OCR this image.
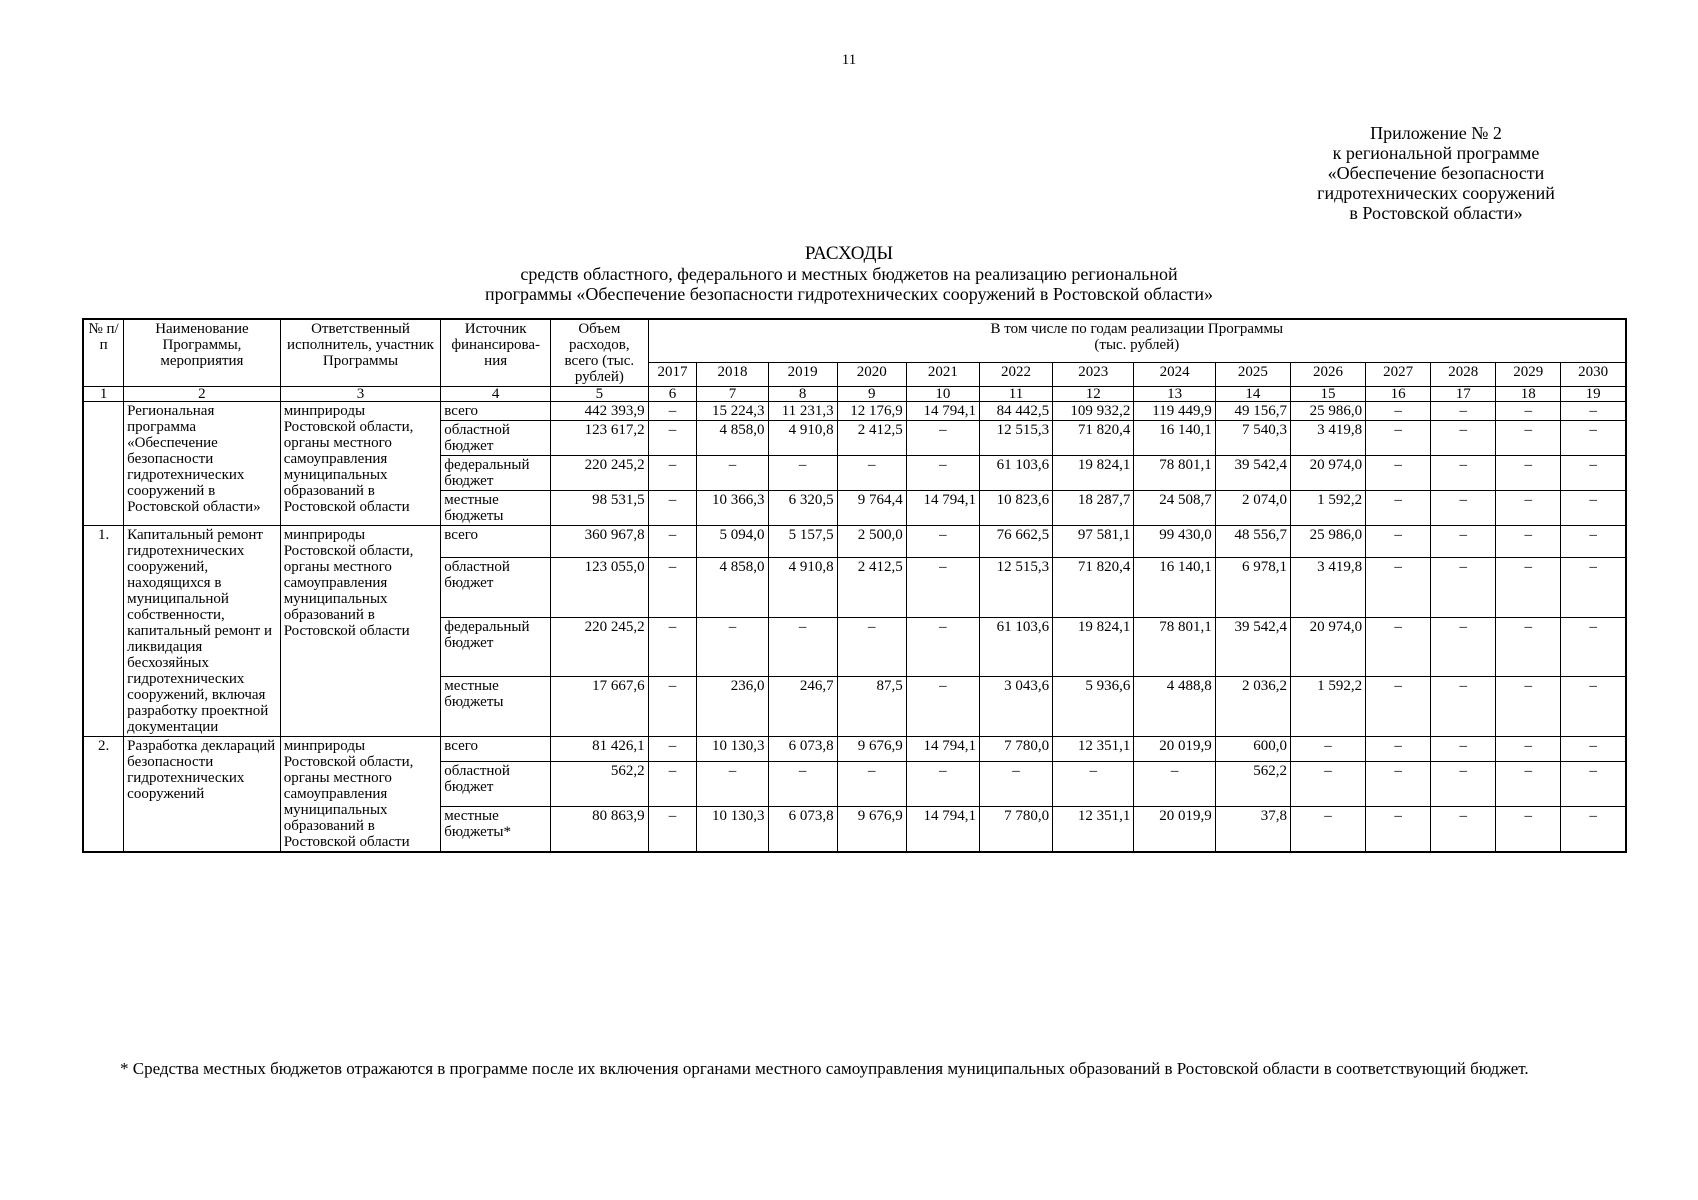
11
Приложение № 2
к региональной программе
«Обеспечение безопасности
гидротехнических сооружений
в Ростовской области»
РАСХОДЫ
средств областного, федерального и местных бюджетов на реализацию региональной
программы «Обеспечение безопасности гидротехнических сооружений в Ростовской области»
№ п/п	Наименование Программы, мероприятия	Ответственный исполнитель, участник Программы	Источник финансирова-ния	Объем расходов, всего (тыс. рублей)	В том числе по годам реализации Программы
(тыс. рублей)													

					2017	2018	2019	2020	2021	2022	2023	2024	2025	2026	2027	2028	2029	2030
1	2	3	4	5	6	7	8	9	10	11	12	13	14	15	16	17	18	19
	Региональная программа «Обеспечение безопасности гидротехнических сооружений в Ростовской области»	минприроды Ростовской области, органы местного самоуправления муниципальных образований в Ростовской области	всего	442 393,9	–	15 224,3	11 231,3	12 176,9	14 794,1	84 442,5	109 932,2	119 449,9	49 156,7	25 986,0	–	–	–	–
			областной бюджет	123 617,2	–	4 858,0	4 910,8	2 412,5	–	12 515,3	71 820,4	16 140,1	7 540,3	3 419,8	–	–	–	–
			федеральный бюджет	220 245,2	–	–	–	–	–	61 103,6	19 824,1	78 801,1	39 542,4	20 974,0	–	–	–	–
			местные бюджеты	98 531,5	–	10 366,3	6 320,5	9 764,4	14 794,1	10 823,6	18 287,7	24 508,7	2 074,0	1 592,2	–	–	–	–
1.	Капитальный ремонт гидротехнических сооружений, находящихся в муниципальной собственности, капитальный ремонт и ликвидация бесхозяйных гидротехнических сооружений, включая разработку проектной документации	минприроды Ростовской области, органы местного самоуправления муниципальных образований в Ростовской области	всего	360 967,8	–	5 094,0	5 157,5	2 500,0	–	76 662,5	97 581,1	99 430,0	48 556,7	25 986,0	–	–	–	–
			областной бюджет	123 055,0	–	4 858,0	4 910,8	2 412,5	–	12 515,3	71 820,4	16 140,1	6 978,1	3 419,8	–	–	–	–
			федеральный бюджет	220 245,2	–	–	–	–	–	61 103,6	19 824,1	78 801,1	39 542,4	20 974,0	–	–	–	–
			местные бюджеты	17 667,6	–	236,0	246,7	87,5	–	3 043,6	5 936,6	4 488,8	2 036,2	1 592,2	–	–	–	–
2.	Разработка деклараций безопасности гидротехнических сооружений	минприроды Ростовской области, органы местного самоуправления муниципальных образований в Ростовской области	всего	81 426,1	–	10 130,3	6 073,8	9 676,9	14 794,1	7 780,0	12 351,1	20 019,9	600,0	–	–	–	–	–
			областной бюджет	562,2	–	–	–	–	–	–	–	–	562,2	–	–	–	–	–
			местные бюджеты*	80 863,9	–	10 130,3	6 073,8	9 676,9	14 794,1	7 780,0	12 351,1	20 019,9	37,8	–	–	–	–	–
* Средства местных бюджетов отражаются в программе после их включения органами местного самоуправления муниципальных образований в Ростовской области в соответствующий бюджет.
